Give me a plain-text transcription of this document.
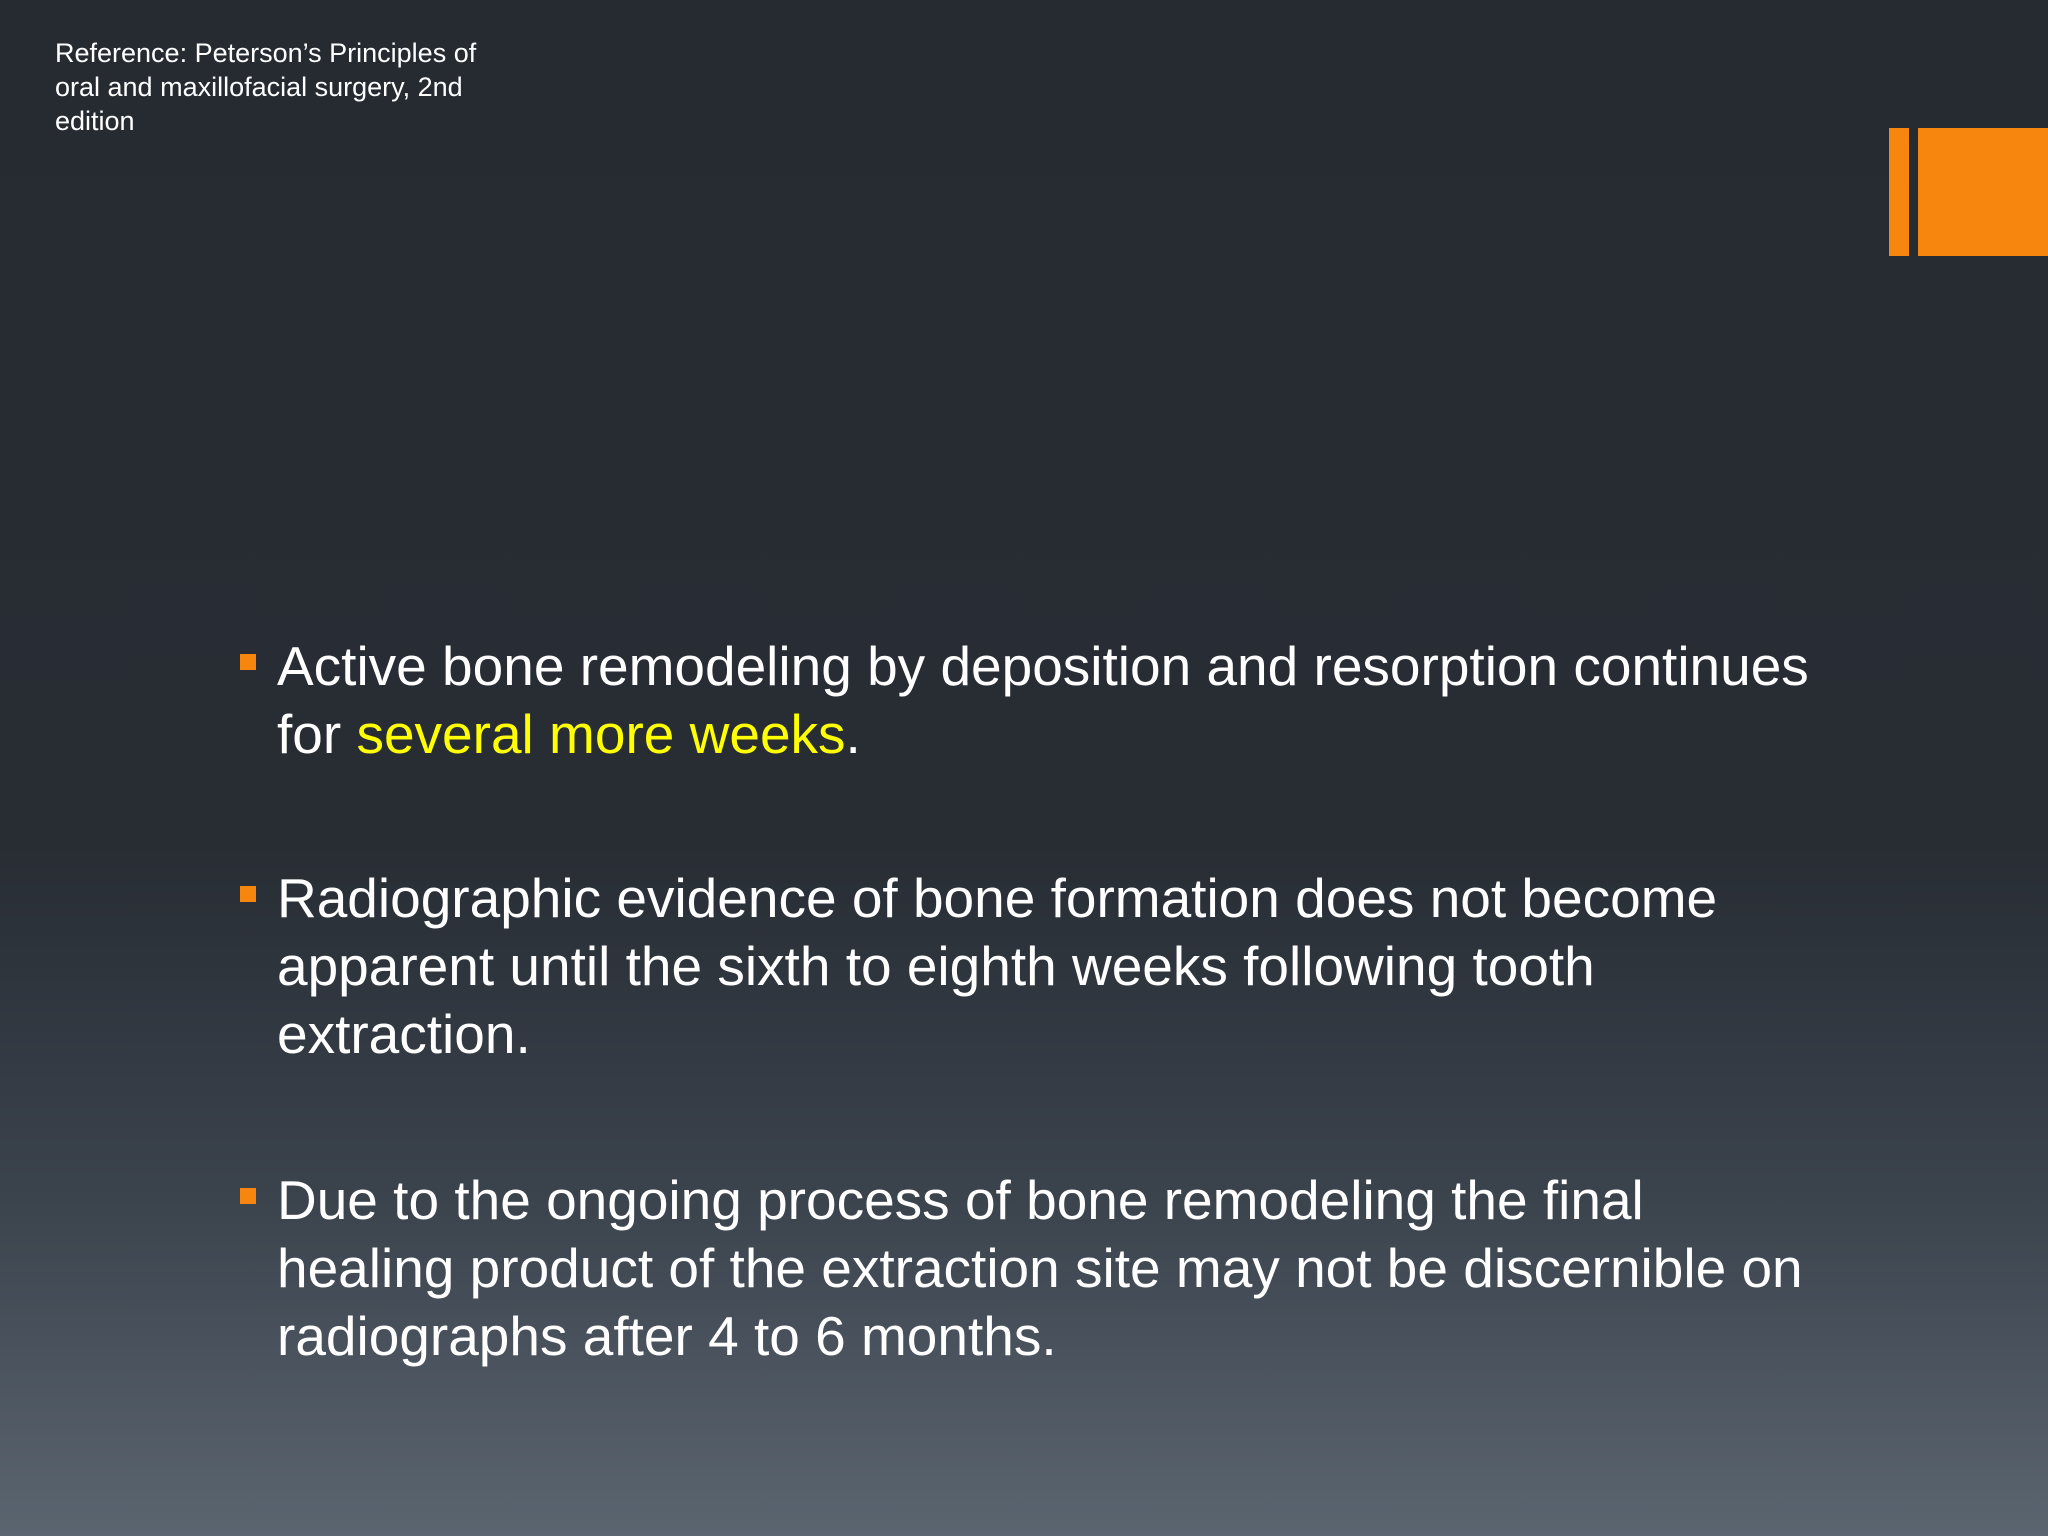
Reference: Peterson’s Principles of oral and maxillofacial surgery, 2nd edition
Active bone remodeling by deposition and resorption continues for several more weeks.
Radiographic evidence of bone formation does not become apparent until the sixth to eighth weeks following tooth extraction.
Due to the ongoing process of bone remodeling the final healing product of the extraction site may not be discernible on radiographs after 4 to 6 months.
